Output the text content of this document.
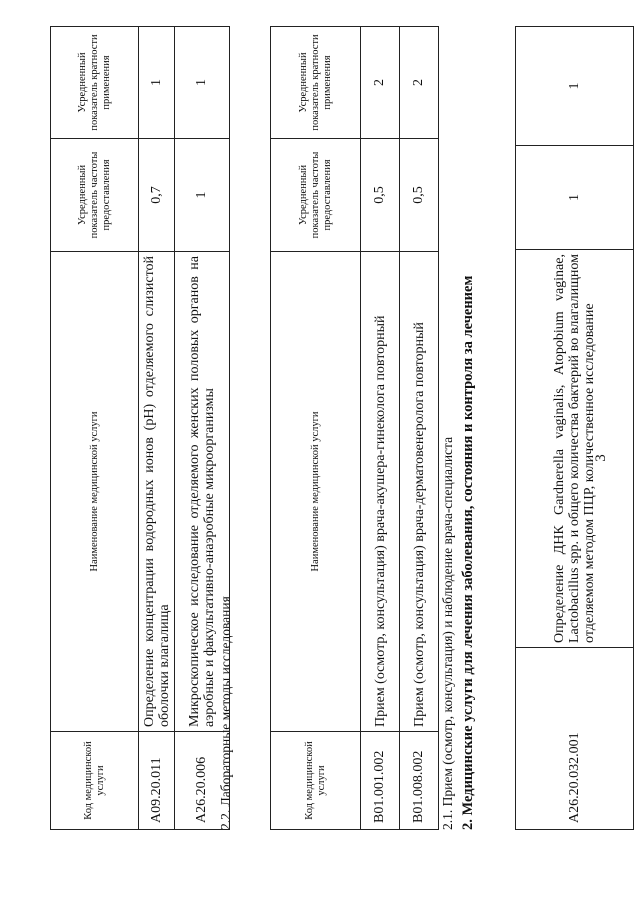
3
A26.20.032.001	Определение ДНК Gardnerella vaginalis, Atopobium vaginae, Lactobacillus spp. и общего количества бактерий во влагалищном отделяемом методом ПЦР, количественное исследование	1	1
2. Медицинские услуги для лечения заболевания, состояния и контроля за лечением
2.1. Прием (осмотр, консультация) и наблюдение врача-специалиста
Код медицинской услуги	Наименование медицинской услуги	Усредненный показатель частоты предоставления	Усредненный показатель кратности применения
B01.001.002	Прием (осмотр, консультация) врача-акушера-гинеколога повторный	0,5	2
B01.008.002	Прием (осмотр, консультация) врача-дерматовенеролога повторный	0,5	2
2.2. Лабораторные методы исследования
Код медицинской услуги	Наименование медицинской услуги	Усредненный показатель частоты предоставления	Усредненный показатель кратности применения
A09.20.011	Определение концентрации водородных ионов (pH) отделяемого слизистой оболочки влагалища	0,7	1
A26.20.006	Микроскопическое исследование отделяемого женских половых органов на аэробные и факультативно-анаэробные микроорганизмы	1	1
